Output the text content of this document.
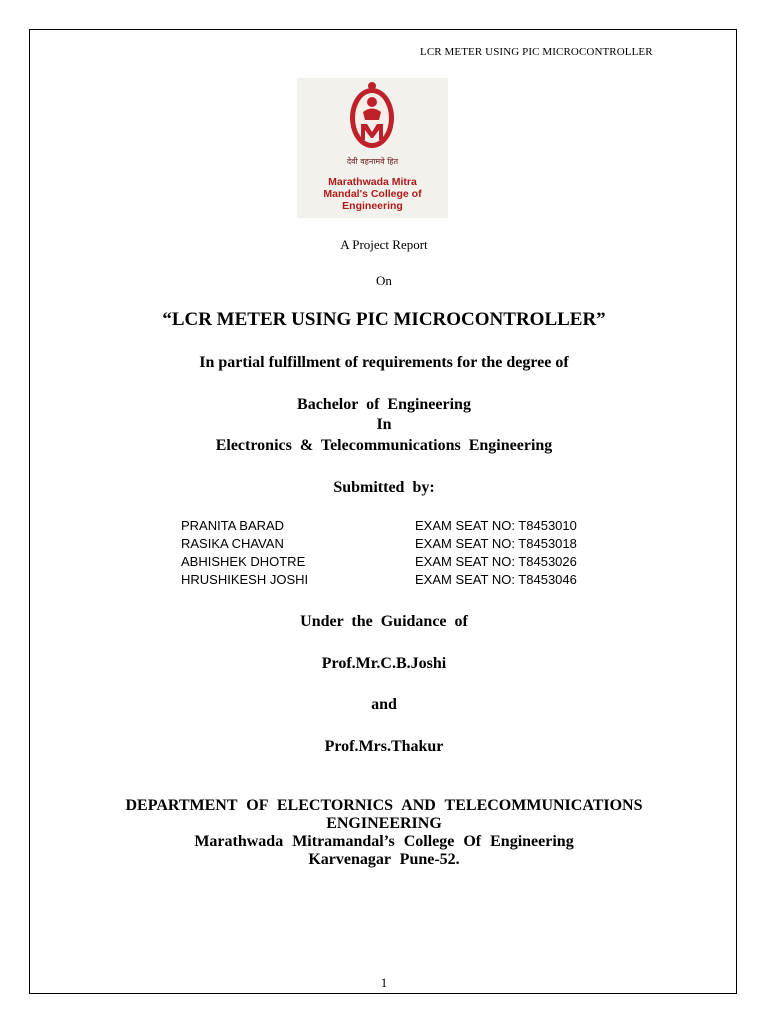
LCR METER USING PIC MICROCONTROLLER
देवी वहनामवे हित
Marathwada Mitra
Mandal's College of
Engineering
A Project Report
On
“LCR METER USING PIC MICROCONTROLLER”
In partial fulfillment of requirements for the degree of
Bachelor of Engineering
In
Electronics & Telecommunications Engineering
Submitted by:
PRANITA BARAD	EXAM SEAT NO: T8453010
RASIKA CHAVAN	EXAM SEAT NO: T8453018
ABHISHEK DHOTRE	EXAM SEAT NO: T8453026
HRUSHIKESH JOSHI	EXAM SEAT NO: T8453046
Under the Guidance of
Prof.Mr.C.B.Joshi
and
Prof.Mrs.Thakur
DEPARTMENT OF ELECTORNICS AND TELECOMMUNICATIONS
ENGINEERING
Marathwada Mitramandal’s College Of Engineering
Karvenagar Pune-52.
1
